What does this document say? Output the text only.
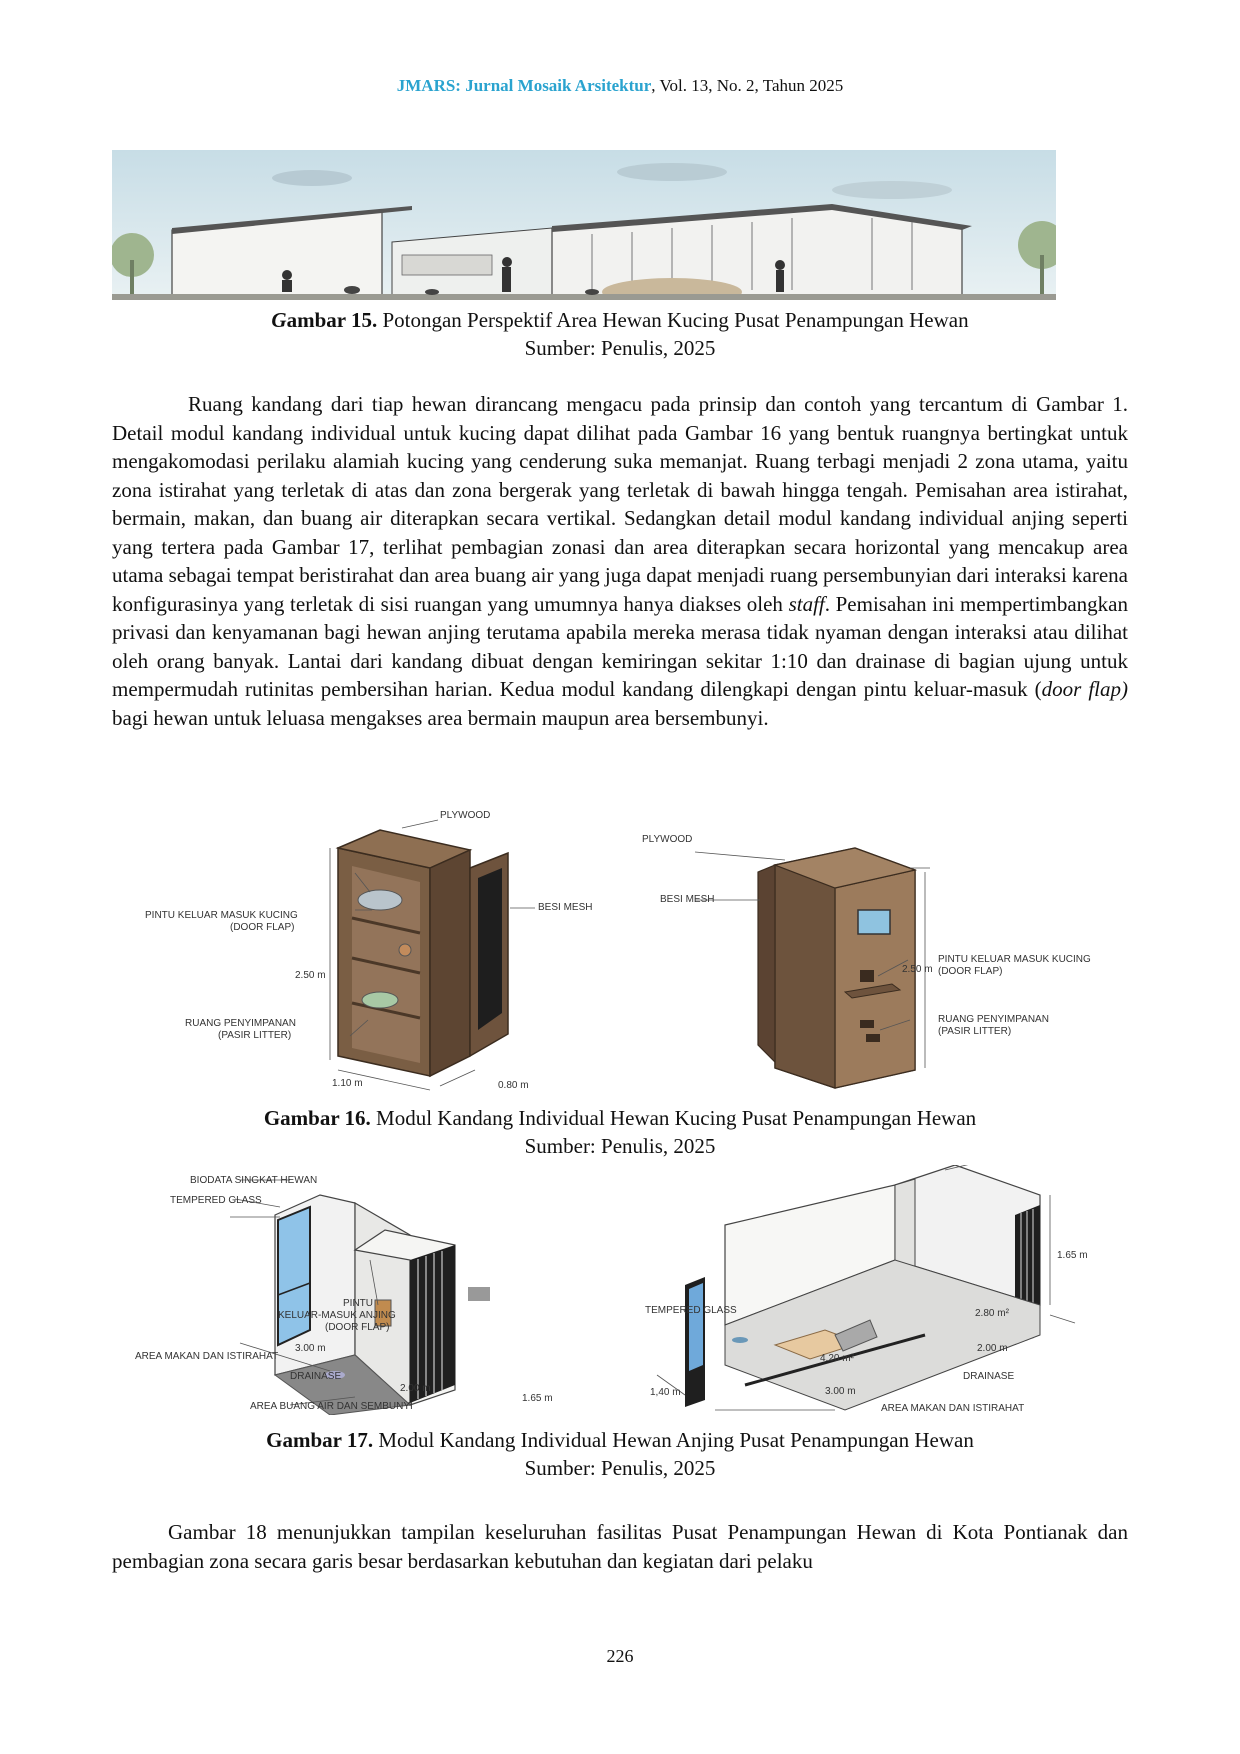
JMARS: Jurnal Mosaik Arsitektur, Vol. 13, No. 2, Tahun 2025
Gambar 15. Potongan Perspektif Area Hewan Kucing Pusat Penampungan Hewan
Sumber: Penulis, 2025
Ruang kandang dari tiap hewan dirancang mengacu pada prinsip dan contoh yang tercantum di Gambar 1. Detail modul kandang individual untuk kucing dapat dilihat pada Gambar 16 yang bentuk ruangnya bertingkat untuk mengakomodasi perilaku alamiah kucing yang cenderung suka memanjat. Ruang terbagi menjadi 2 zona utama, yaitu zona istirahat yang terletak di atas dan zona bergerak yang terletak di bawah hingga tengah. Pemisahan area istirahat, bermain, makan, dan buang air diterapkan secara vertikal. Sedangkan detail modul kandang individual anjing seperti yang tertera pada Gambar 17, terlihat pembagian zonasi dan area diterapkan secara horizontal yang mencakup area utama sebagai tempat beristirahat dan area buang air yang juga dapat menjadi ruang persembunyian dari interaksi karena konfigurasinya yang terletak di sisi ruangan yang umumnya hanya diakses oleh staff. Pemisahan ini mempertimbangkan privasi dan kenyamanan bagi hewan anjing terutama apabila mereka merasa tidak nyaman dengan interaksi atau dilihat oleh orang banyak. Lantai dari kandang dibuat dengan kemiringan sekitar 1:10 dan drainase di bagian ujung untuk mempermudah rutinitas pembersihan harian. Kedua modul kandang dilengkapi dengan pintu keluar-masuk (door flap) bagi hewan untuk leluasa mengakses area bermain maupun area bersembunyi.
PLYWOOD
PINTU KELUAR MASUK KUCING
(DOOR FLAP)
BESI MESH
2.50 m
RUANG PENYIMPANAN
(PASIR LITTER)
1.10 m	0.80 m
PLYWOOD
BESI MESH
2.50 m
PINTU KELUAR MASUK KUCING
(DOOR FLAP)
RUANG PENYIMPANAN
(PASIR LITTER)
Gambar 16. Modul Kandang Individual Hewan Kucing Pusat Penampungan Hewan
Sumber: Penulis, 2025
BIODATA SINGKAT HEWAN
TEMPERED GLASS
PINTU
KELUAR-MASUK ANJING
(DOOR FLAP)
AREA MAKAN DAN ISTIRAHAT
3.00 m
DRAINASE
2.00 m
AREA BUANG AIR DAN SEMBUNYI
1.65 m
TEMPERED GLASS
1.65 m
2.80 m²
2.00 m
4.20 m²
DRAINASE
1,40 m	3.00 m
AREA MAKAN DAN ISTIRAHAT
Gambar 17. Modul Kandang Individual Hewan Anjing Pusat Penampungan Hewan
Sumber: Penulis, 2025
Gambar 18 menunjukkan tampilan keseluruhan fasilitas Pusat Penampungan Hewan di Kota Pontianak dan pembagian zona secara garis besar berdasarkan kebutuhan dan kegiatan dari pelaku
226
